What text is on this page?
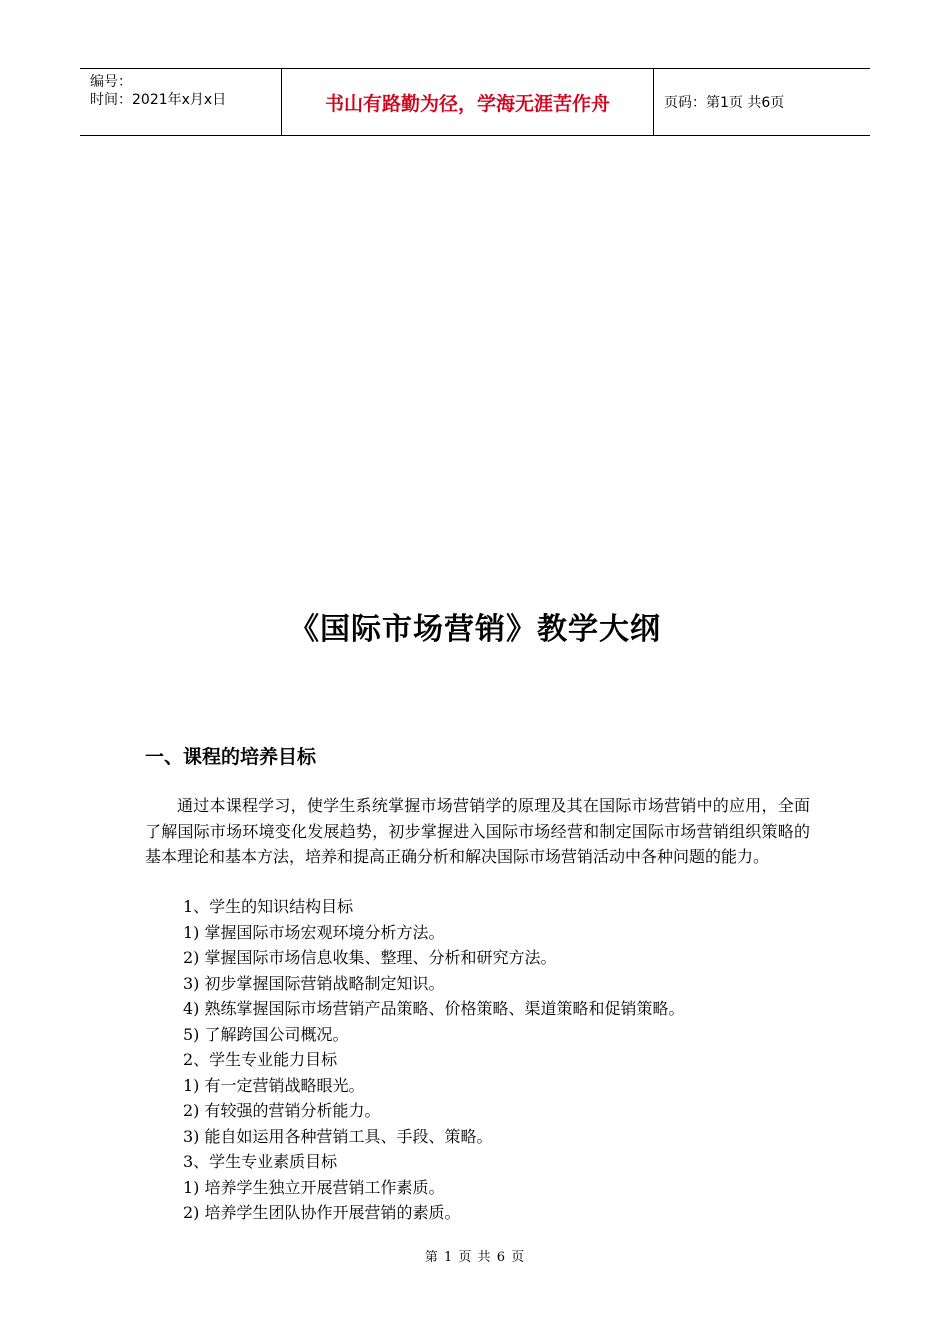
编号：
时间：2021年x月x日	书山有路勤为径，学海无涯苦作舟	页码：第1页 共6页
《国际市场营销》教学大纲
一、课程的培养目标
通过本课程学习，使学生系统掌握市场营销学的原理及其在国际市场营销中的应用，全面了解国际市场环境变化发展趋势，初步掌握进入国际市场经营和制定国际市场营销组织策略的基本理论和基本方法，培养和提高正确分析和解决国际市场营销活动中各种问题的能力。
1、学生的知识结构目标
1) 掌握国际市场宏观环境分析方法。
2) 掌握国际市场信息收集、整理、分析和研究方法。
3) 初步掌握国际营销战略制定知识。
4) 熟练掌握国际市场营销产品策略、价格策略、渠道策略和促销策略。
5) 了解跨国公司概况。
2、学生专业能力目标
1) 有一定营销战略眼光。
2) 有较强的营销分析能力。
3) 能自如运用各种营销工具、手段、策略。
3、学生专业素质目标
1) 培养学生独立开展营销工作素质。
2) 培养学生团队协作开展营销的素质。
第 1 页 共 6 页
